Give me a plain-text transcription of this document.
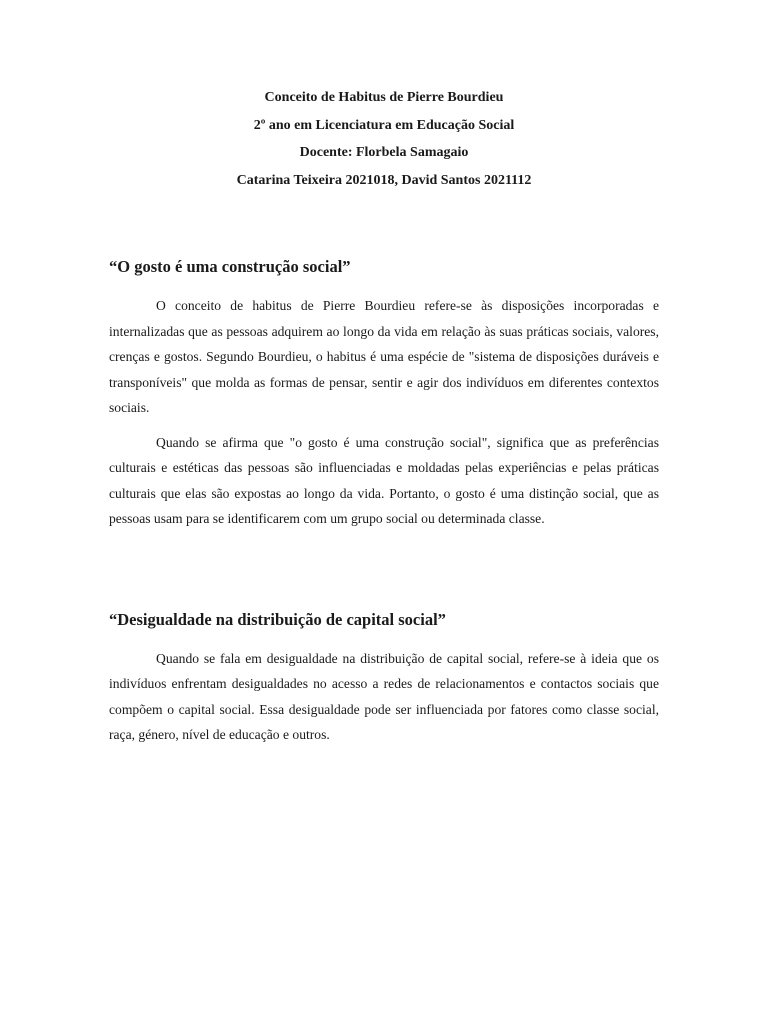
Conceito de Habitus de Pierre Bourdieu
2º ano em Licenciatura em Educação Social
Docente: Florbela Samagaio
Catarina Teixeira 2021018, David Santos 2021112
“O gosto é uma construção social”

O conceito de habitus de Pierre Bourdieu refere-se às disposições incorporadas e internalizadas que as pessoas adquirem ao longo da vida em relação às suas práticas sociais, valores, crenças e gostos. Segundo Bourdieu, o habitus é uma espécie de "sistema de disposições duráveis e transponíveis" que molda as formas de pensar, sentir e agir dos indivíduos em diferentes contextos sociais.

Quando se afirma que "o gosto é uma construção social", significa que as preferências culturais e estéticas das pessoas são influenciadas e moldadas pelas experiências e pelas práticas culturais que elas são expostas ao longo da vida. Portanto, o gosto é uma distinção social, que as pessoas usam para se identificarem com um grupo social ou determinada classe.

“Desigualdade na distribuição de capital social”

Quando se fala em desigualdade na distribuição de capital social, refere-se à ideia que os indivíduos enfrentam desigualdades no acesso a redes de relacionamentos e contactos sociais que compõem o capital social. Essa desigualdade pode ser influenciada por fatores como classe social, raça, género, nível de educação e outros.
